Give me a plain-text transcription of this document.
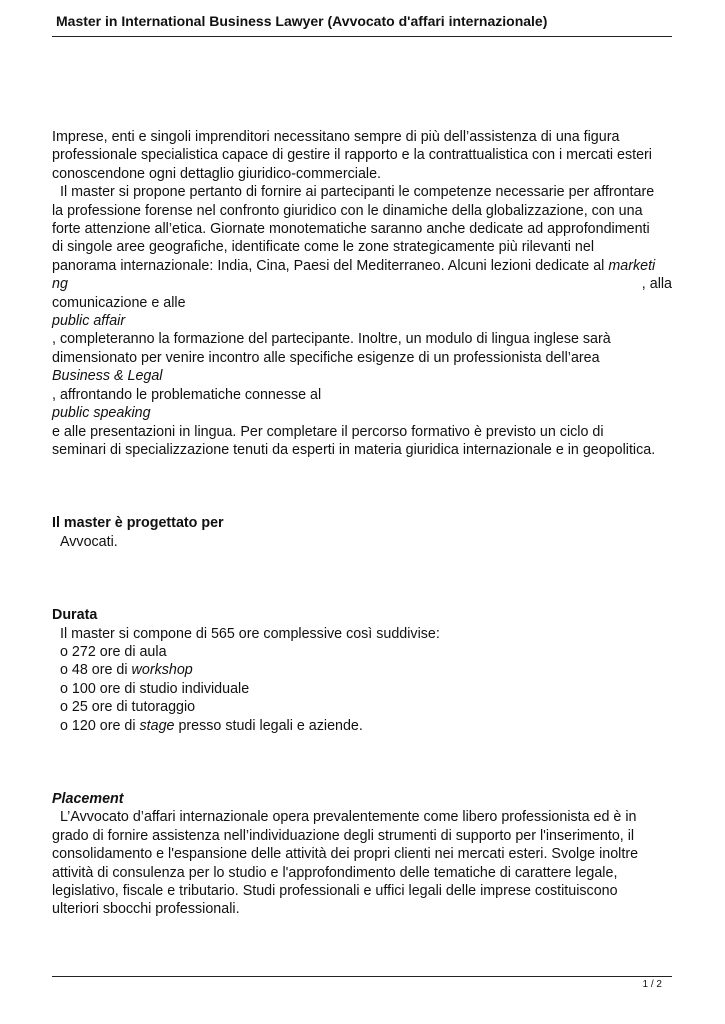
Master in International Business Lawyer (Avvocato d'affari internazionale)

Imprese, enti e singoli imprenditori necessitano sempre di più dell’assistenza di una figura

professionale specialistica capace di gestire il rapporto e la contrattualistica con i mercati esteri

conoscendone ogni dettaglio giuridico-commerciale.

Il master si propone pertanto di fornire ai partecipanti le competenze necessarie per affrontare

la professione forense nel confronto giuridico con le dinamiche della globalizzazione, con una

forte attenzione all’etica. Giornate monotematiche saranno anche dedicate ad approfondimenti

di singole aree geografiche, identificate come le zone strategicamente più rilevanti nel

panorama internazionale: India, Cina, Paesi del Mediterraneo. Alcuni lezioni dedicate al marketi

ng	, alla

comunicazione e alle

public affair

, completeranno la formazione del partecipante. Inoltre, un modulo di lingua inglese sarà

dimensionato per venire incontro alle specifiche esigenze di un professionista dell’area

Business & Legal

, affrontando le problematiche connesse al

public speaking

e alle presentazioni in lingua. Per completare il percorso formativo è previsto un ciclo di

seminari di specializzazione tenuti da esperti in materia giuridica internazionale e in geopolitica.

Il master è progettato per

Avvocati.

Durata

Il master si compone di 565 ore complessive così suddivise:

o 272 ore di aula

o 48 ore di workshop

o 100 ore di studio individuale

o 25 ore di tutoraggio

o 120 ore di stage presso studi legali e aziende.

Placement

L’Avvocato d’affari internazionale opera prevalentemente come libero professionista ed è in

grado di fornire assistenza nell’individuazione degli strumenti di supporto per l'inserimento, il

consolidamento e l'espansione delle attività dei propri clienti nei mercati esteri. Svolge inoltre

attività di consulenza per lo studio e l'approfondimento delle tematiche di carattere legale,

legislativo, fiscale e tributario. Studi professionali e uffici legali delle imprese costituiscono

ulteriori sbocchi professionali.

1 / 2
